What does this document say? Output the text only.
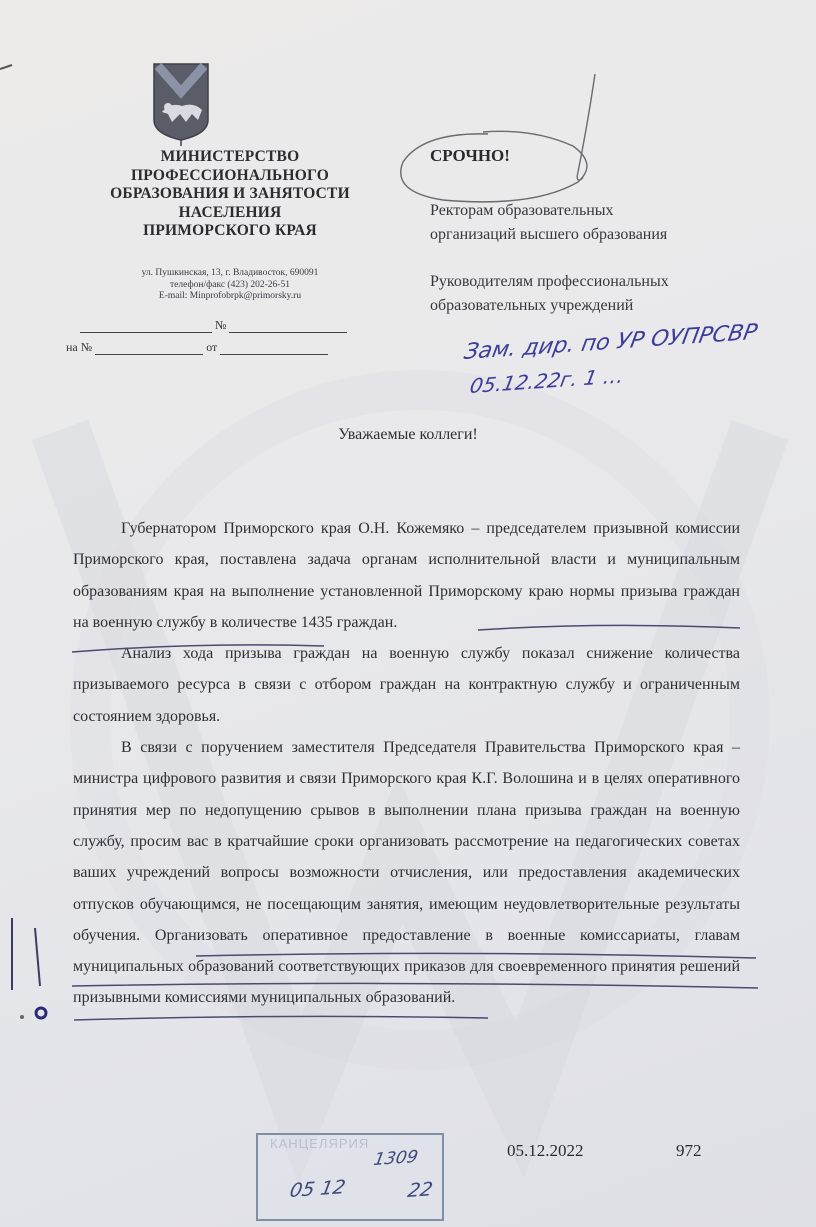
МИНИСТЕРСТВО
ПРОФЕССИОНАЛЬНОГО
ОБРАЗОВАНИЯ И ЗАНЯТОСТИ
НАСЕЛЕНИЯ
ПРИМОРСКОГО КРАЯ
ул. Пушкинская, 13, г. Владивосток, 690091
телефон/факс (423) 202-26-51
E-mail: Minprofobrpk@primorsky.ru
№
на №	от
СРОЧНО!
Ректорам образовательных
организаций высшего образования
Руководителям профессиональных
образовательных учреждений
Зам. дир. по УР ОУПРСВР
05.12.22г. 1 …
Уважаемые коллеги!

Губернатором Приморского края О.Н. Кожемяко – председателем призывной комиссии Приморского края, поставлена задача органам исполнительной власти и муниципальным образованиям края на выполнение установленной Приморскому краю нормы призыва граждан на военную службу в количестве 1435 граждан.

Анализ хода призыва граждан на военную службу показал снижение количества призываемого ресурса в связи с отбором граждан на контрактную службу и ограниченным состоянием здоровья.

В связи с поручением заместителя Председателя Правительства Приморского края – министра цифрового развития и связи Приморского края К.Г. Волошина и в целях оперативного принятия мер по недопущению срывов в выполнении плана призыва граждан на военную службу, просим вас в кратчайшие сроки организовать рассмотрение на педагогических советах ваших учреждений вопросы возможности отчисления, или предоставления академических отпусков обучающимся, не посещающим занятия, имеющим неудовлетворительные результаты обучения. Организовать оперативное предоставление в военные комиссариаты, главам муниципальных образований соответствующих приказов для своевременного принятия решений призывными комиссиями муниципальных образований.

КАНЦЕЛЯРИЯ
1309
05 12	22
05.12.2022	972
